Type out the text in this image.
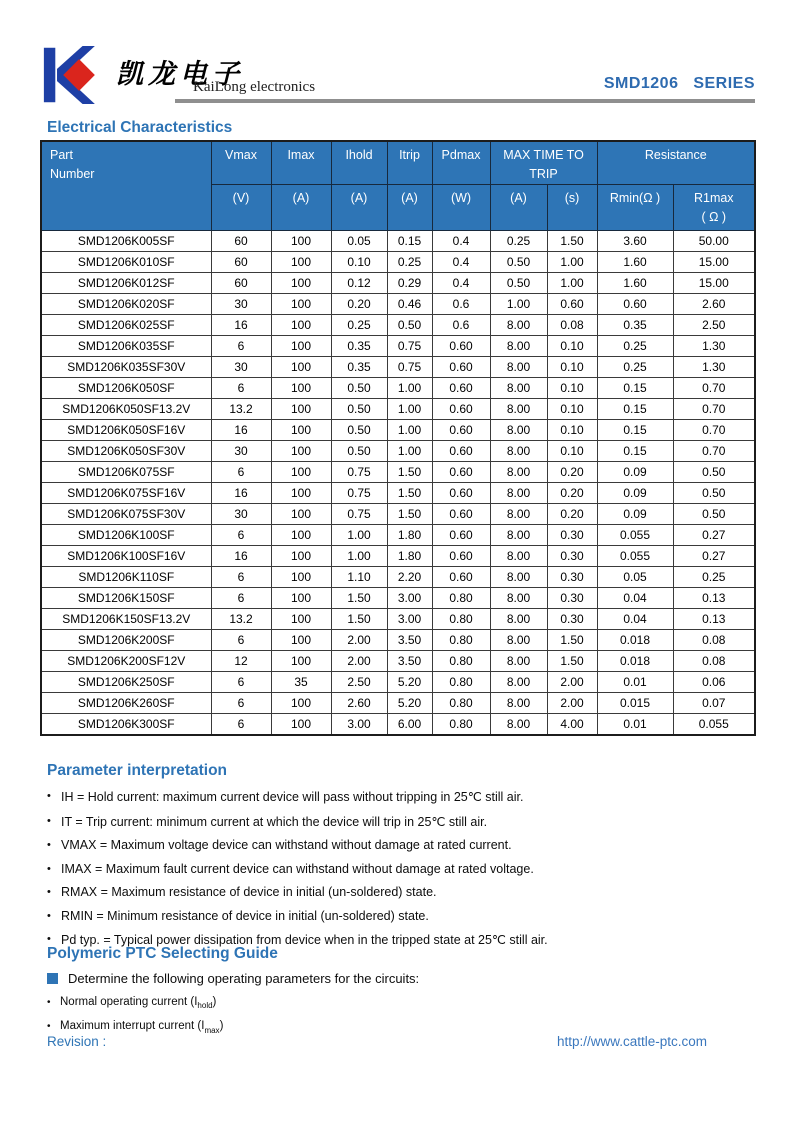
凯龙电子
KaiLong electronics	SMD1206   SERIES
Electrical Characteristics
Part
Number	Vmax	Imax	Ihold	Itrip	Pdmax	MAX TIME TO
TRIP		Resistance	
	(V)	(A)	(A)	(A)	(W)	(A)	(s)	Rmin(Ω )	R1max
( Ω )

SMD1206K005SF	60	100	0.05	0.15	0.4	0.25	1.50	3.60	50.00
SMD1206K010SF	60	100	0.10	0.25	0.4	0.50	1.00	1.60	15.00
SMD1206K012SF	60	100	0.12	0.29	0.4	0.50	1.00	1.60	15.00
SMD1206K020SF	30	100	0.20	0.46	0.6	1.00	0.60	0.60	2.60
SMD1206K025SF	16	100	0.25	0.50	0.6	8.00	0.08	0.35	2.50
SMD1206K035SF	6	100	0.35	0.75	0.60	8.00	0.10	0.25	1.30
SMD1206K035SF30V	30	100	0.35	0.75	0.60	8.00	0.10	0.25	1.30
SMD1206K050SF	6	100	0.50	1.00	0.60	8.00	0.10	0.15	0.70
SMD1206K050SF13.2V	13.2	100	0.50	1.00	0.60	8.00	0.10	0.15	0.70
SMD1206K050SF16V	16	100	0.50	1.00	0.60	8.00	0.10	0.15	0.70
SMD1206K050SF30V	30	100	0.50	1.00	0.60	8.00	0.10	0.15	0.70
SMD1206K075SF	6	100	0.75	1.50	0.60	8.00	0.20	0.09	0.50
SMD1206K075SF16V	16	100	0.75	1.50	0.60	8.00	0.20	0.09	0.50
SMD1206K075SF30V	30	100	0.75	1.50	0.60	8.00	0.20	0.09	0.50
SMD1206K100SF	6	100	1.00	1.80	0.60	8.00	0.30	0.055	0.27
SMD1206K100SF16V	16	100	1.00	1.80	0.60	8.00	0.30	0.055	0.27
SMD1206K110SF	6	100	1.10	2.20	0.60	8.00	0.30	0.05	0.25
SMD1206K150SF	6	100	1.50	3.00	0.80	8.00	0.30	0.04	0.13
SMD1206K150SF13.2V	13.2	100	1.50	3.00	0.80	8.00	0.30	0.04	0.13
SMD1206K200SF	6	100	2.00	3.50	0.80	8.00	1.50	0.018	0.08
SMD1206K200SF12V	12	100	2.00	3.50	0.80	8.00	1.50	0.018	0.08
SMD1206K250SF	6	35	2.50	5.20	0.80	8.00	2.00	0.01	0.06
SMD1206K260SF	6	100	2.60	5.20	0.80	8.00	2.00	0.015	0.07
SMD1206K300SF	6	100	3.00	6.00	0.80	8.00	4.00	0.01	0.055
Parameter interpretation
• IH = Hold current: maximum current device will pass without tripping in 25℃ still air.
• IT = Trip current: minimum current at which the device will trip in 25℃ still air.
• VMAX = Maximum voltage device can withstand without damage at rated current.
• IMAX = Maximum fault current device can withstand without damage at rated voltage.
• RMAX = Maximum resistance of device in initial (un-soldered) state.
• RMIN = Minimum resistance of device in initial (un-soldered) state.
• Pd typ. = Typical power dissipation from device when in the tripped state at 25℃ still air.
Polymeric PTC Selecting Guide
Determine the following operating parameters for the circuits:
• Normal operating current $(I_{hold})$
• Maximum interrupt current $(I_{max})$
Revision :	http://www.cattle-ptc.com
